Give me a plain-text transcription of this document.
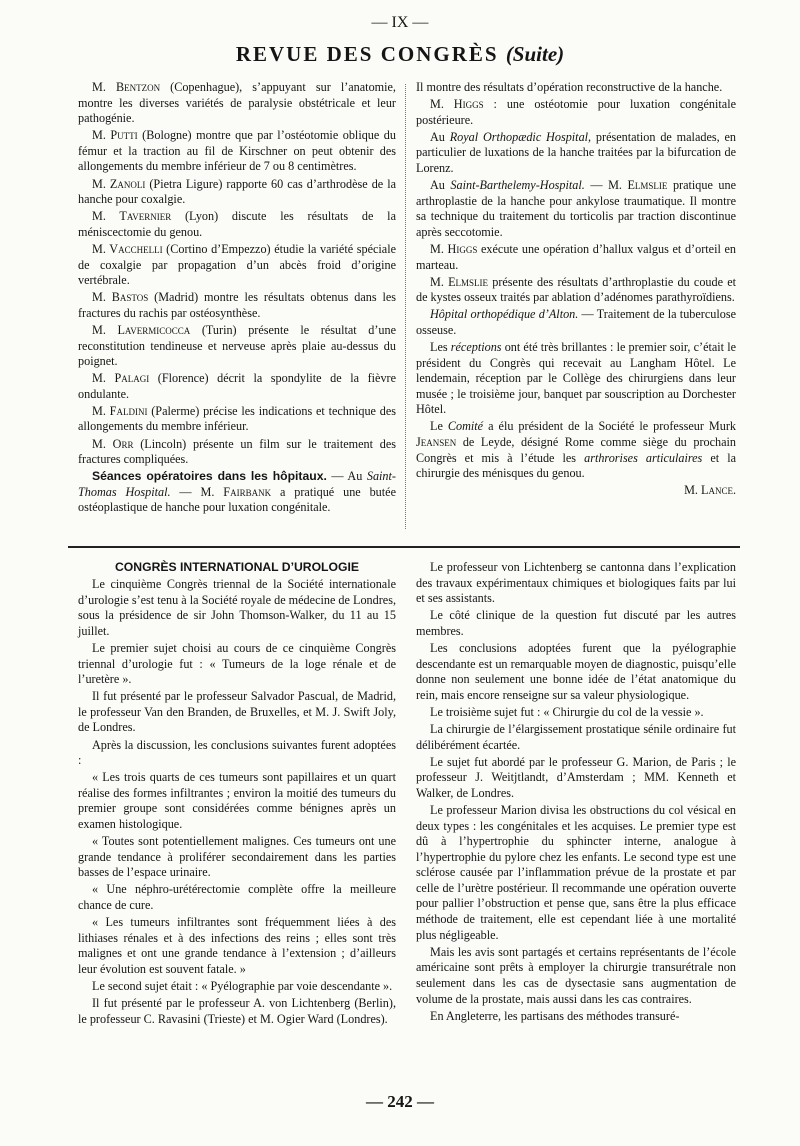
— IX —
REVUE DES CONGRÈS (Suite)

M. Bentzon (Copenhague), s’appuyant sur l’anatomie, montre les diverses variétés de paralysie obstétricale et leur pathogénie.

M. Putti (Bologne) montre que par l’ostéotomie oblique du fémur et la traction au fil de Kirschner on peut obtenir des allongements du membre inférieur de 7 ou 8 centimètres.

M. Zanoli (Pietra Ligure) rapporte 60 cas d’arthrodèse de la hanche pour coxalgie.

M. Tavernier (Lyon) discute les résultats de la méniscectomie du genou.

M. Vacchelli (Cortino d’Empezzo) étudie la variété spéciale de coxalgie par propagation d’un abcès froid d’origine vertébrale.

M. Bastos (Madrid) montre les résultats obtenus dans les fractures du rachis par ostéosynthèse.

M. Lavermicocca (Turin) présente le résultat d’une reconstitution tendineuse et nerveuse après plaie au-dessus du poignet.

M. Palagi (Florence) décrit la spondylite de la fièvre ondulante.

M. Faldini (Palerme) précise les indications et technique des allongements du membre inférieur.

M. Orr (Lincoln) présente un film sur le traitement des fractures compliquées.

Séances opératoires dans les hôpitaux. — Au Saint-Thomas Hospital. — M. Fairbank a pratiqué une butée ostéoplastique de hanche pour luxation congénitale.

Il montre des résultats d’opération reconstructive de la hanche.

M. Higgs : une ostéotomie pour luxation congénitale postérieure.

Au Royal Orthopædic Hospital, présentation de malades, en particulier de luxations de la hanche traitées par la bifurcation de Lorenz.

Au Saint-Barthelemy-Hospital. — M. Elmslie pratique une arthroplastie de la hanche pour ankylose traumatique. Il montre sa technique du traitement du torticolis par traction discontinue après seccotomie.

M. Higgs exécute une opération d’hallux valgus et d’orteil en marteau.

M. Elmslie présente des résultats d’arthroplastie du coude et de kystes osseux traités par ablation d’adénomes parathyroïdiens.

Hôpital orthopédique d’Alton. — Traitement de la tuberculose osseuse.

Les réceptions ont été très brillantes : le premier soir, c’était le président du Congrès qui recevait au Langham Hôtel. Le lendemain, réception par le Collège des chirurgiens dans leur musée ; le troisième jour, banquet par souscription au Dorchester Hôtel.

Le Comité a élu président de la Société le professeur Murk Jeansen de Leyde, désigné Rome comme siège du prochain Congrès et mis à l’étude les arthrorises articulaires et la chirurgie des ménisques du genou.

M. Lance.

CONGRÈS INTERNATIONAL D’UROLOGIE

Le cinquième Congrès triennal de la Société internationale d’urologie s’est tenu à la Société royale de médecine de Londres, sous la présidence de sir John Thomson-Walker, du 11 au 15 juillet.

Le premier sujet choisi au cours de ce cinquième Congrès triennal d’urologie fut : « Tumeurs de la loge rénale et de l’uretère ».

Il fut présenté par le professeur Salvador Pascual, de Madrid, le professeur Van den Branden, de Bruxelles, et M. J. Swift Joly, de Londres.

Après la discussion, les conclusions suivantes furent adoptées :

« Les trois quarts de ces tumeurs sont papillaires et un quart réalise des formes infiltrantes ; environ la moitié des tumeurs du premier groupe sont considérées comme bénignes après un examen histologique.

« Toutes sont potentiellement malignes. Ces tumeurs ont une grande tendance à proliférer secondairement dans les parties basses de l’espace urinaire.

« Une néphro-urétérectomie complète offre la meilleure chance de cure.

« Les tumeurs infiltrantes sont fréquemment liées à des lithiases rénales et à des infections des reins ; elles sont très malignes et ont une grande tendance à l’extension ; d’ailleurs leur évolution est souvent fatale. »

Le second sujet était : « Pyélographie par voie descendante ».

Il fut présenté par le professeur A. von Lichtenberg (Berlin), le professeur C. Ravasini (Trieste) et M. Ogier Ward (Londres).

Le professeur von Lichtenberg se cantonna dans l’explication des travaux expérimentaux chimiques et biologiques faits par lui et ses assistants.

Le côté clinique de la question fut discuté par les autres membres.

Les conclusions adoptées furent que la pyélographie descendante est un remarquable moyen de diagnostic, puisqu’elle donne non seulement une bonne idée de l’état anatomique du rein, mais encore renseigne sur sa valeur physiologique.

Le troisième sujet fut : « Chirurgie du col de la vessie ».

La chirurgie de l’élargissement prostatique sénile ordinaire fut délibérément écartée.

Le sujet fut abordé par le professeur G. Marion, de Paris ; le professeur J. Weitjtlandt, d’Amsterdam ; MM. Kenneth et Walker, de Londres.

Le professeur Marion divisa les obstructions du col vésical en deux types : les congénitales et les acquises. Le premier type est dû à l’hypertrophie du sphincter interne, analogue à l’hypertrophie du pylore chez les enfants. Le second type est une sclérose causée par l’inflammation prévue de la prostate et par celle de l’urètre postérieur. Il recommande une opération ouverte pour pallier l’obstruction et pense que, sans être la plus efficace méthode de traitement, elle est cependant liée à une mortalité plus négligeable.

Mais les avis sont partagés et certains représentants de l’école américaine sont prêts à employer la chirurgie transurétrale non seulement dans les cas de dysectasie sans augmentation de volume de la prostate, mais aussi dans les cas contraires.

En Angleterre, les partisans des méthodes transuré-

— 242 —
